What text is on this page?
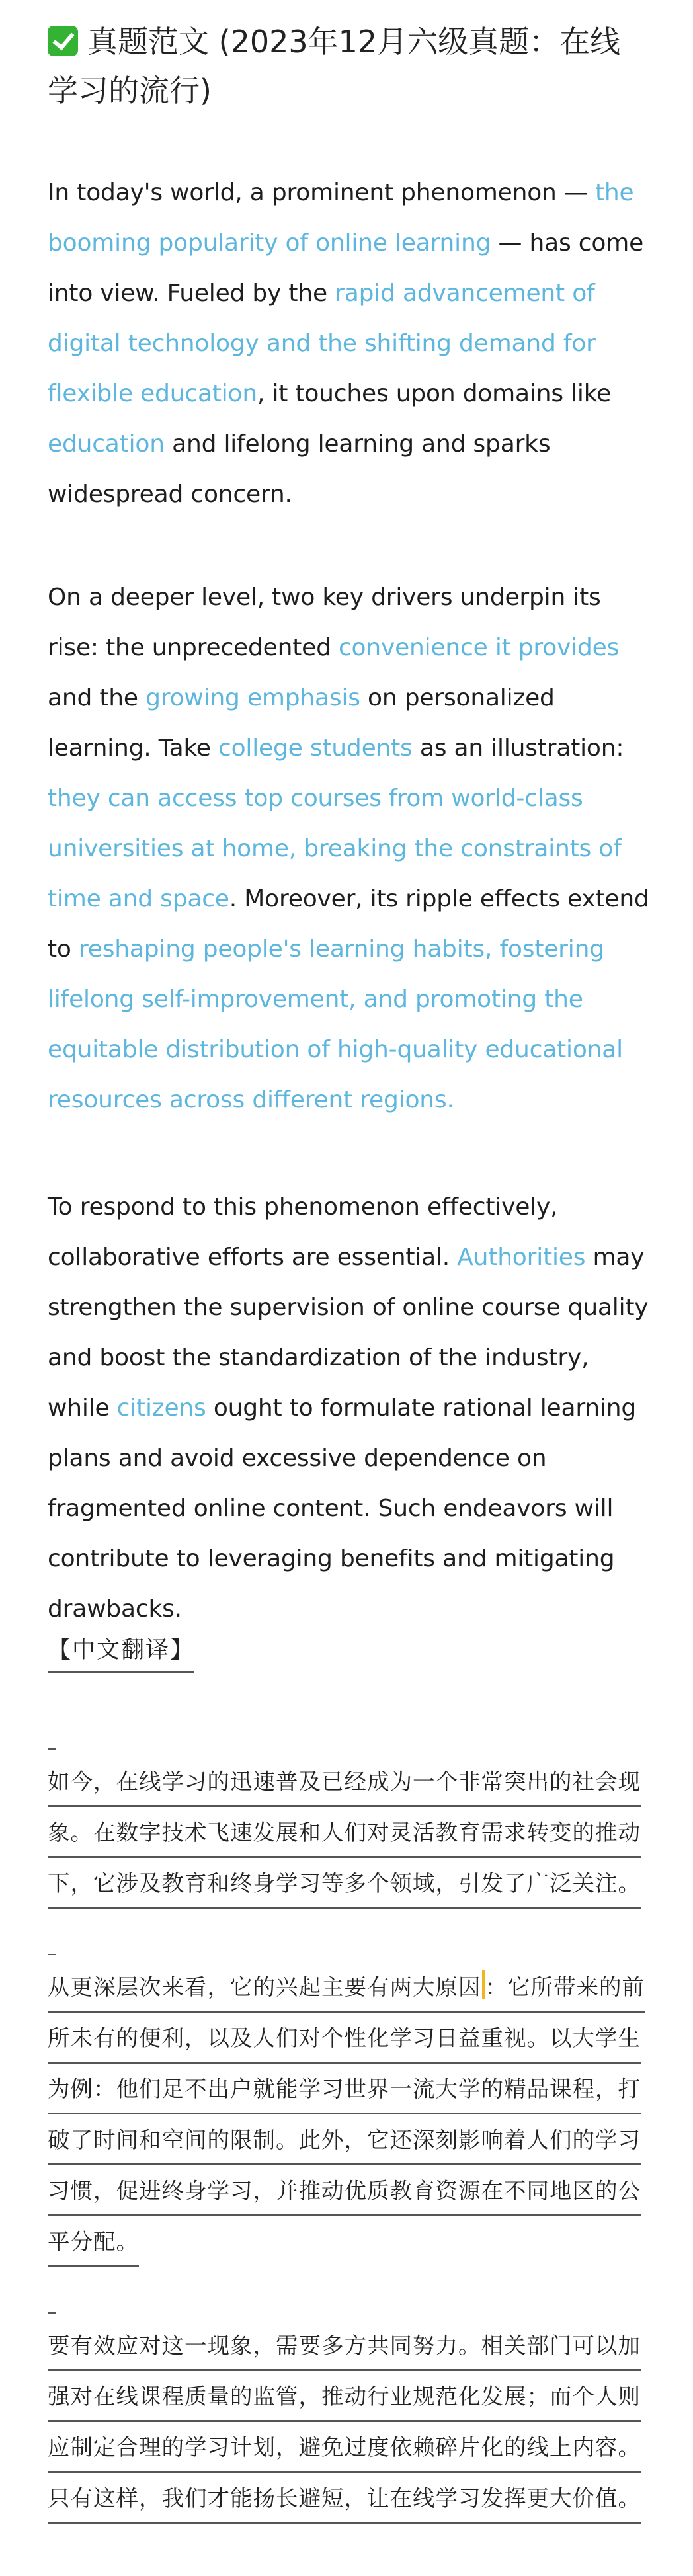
真题范文 (2023年12月六级真题：在线
学习的流行)
In today's world, a prominent phenomenon — the booming popularity of online learning — has come into view. Fueled by the rapid advancement of digital technology and the shifting demand for flexible education, it touches upon domains like education and lifelong learning and sparks widespread concern.
On a deeper level, two key drivers underpin its rise: the unprecedented convenience it provides and the growing emphasis on personalized learning. Take college students as an illustration: they can access top courses from world-class universities at home, breaking the constraints of time and space. Moreover, its ripple effects extend to reshaping people's learning habits, fostering lifelong self-improvement, and promoting the equitable distribution of high-quality educational resources across different regions.
To respond to this phenomenon effectively, collaborative efforts are essential. Authorities may strengthen the supervision of online course quality and boost the standardization of the industry, while citizens ought to formulate rational learning plans and avoid excessive dependence on fragmented online content. Such endeavors will contribute to leveraging benefits and mitigating drawbacks.
【中文翻译】
如今，在线学习的迅速普及已经成为一个非常突出的社会现
象。在数字技术飞速发展和人们对灵活教育需求转变的推动
下，它涉及教育和终身学习等多个领域，引发了广泛关注。
从更深层次来看，它的兴起主要有两大原因 ：它所带来的前
所未有的便利，以及人们对个性化学习日益重视。以大学生
为例：他们足不出户就能学习世界一流大学的精品课程，打
破了时间和空间的限制。此外，它还深刻影响着人们的学习
习惯，促进终身学习，并推动优质教育资源在不同地区的公
平分配。
要有效应对这一现象，需要多方共同努力。相关部门可以加
强对在线课程质量的监管，推动行业规范化发展；而个人则
应制定合理的学习计划，避免过度依赖碎片化的线上内容。
只有这样，我们才能扬长避短，让在线学习发挥更大价值。
